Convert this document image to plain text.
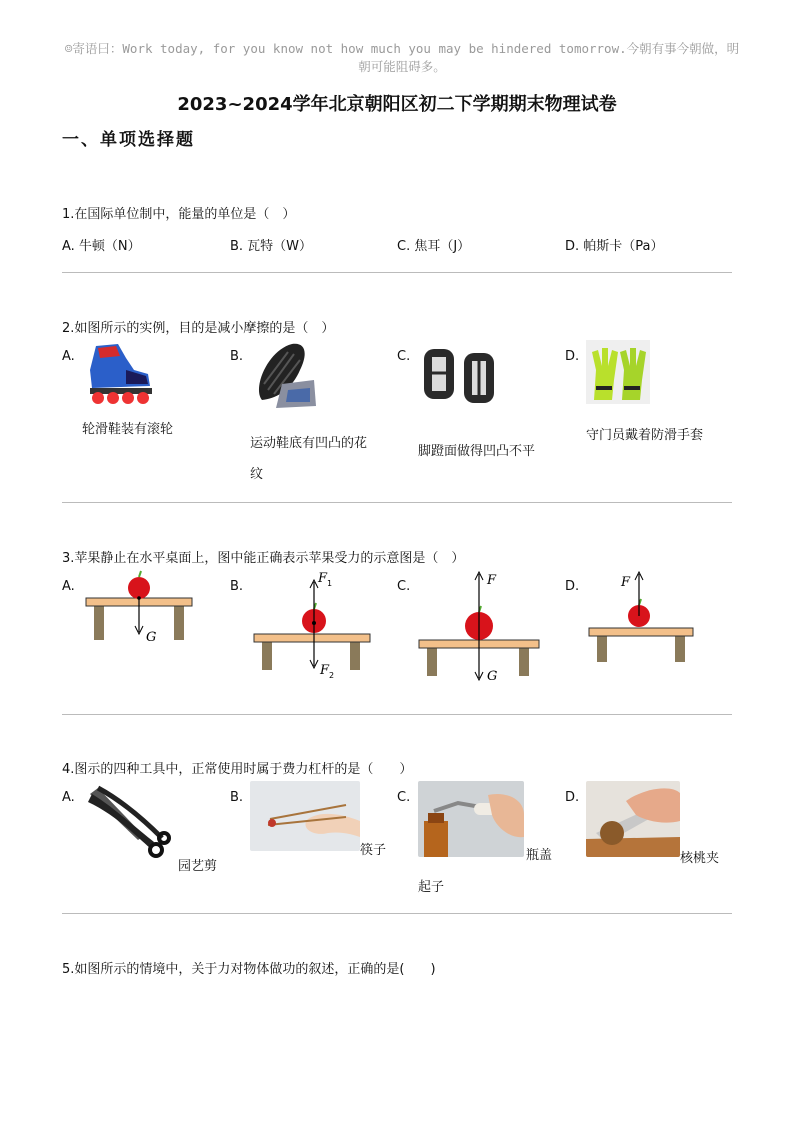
☺寄语曰：Work today, for you know not how much you may be hindered tomorrow.今朝有事今朝做，明
朝可能阻碍多。
2023~2024学年北京朝阳区初二下学期期末物理试卷
一、单项选择题
1.在国际单位制中，能量的单位是（　）
A. 牛顿（N）	B. 瓦特（W）	C. 焦耳（J）	D. 帕斯卡（Pa）
2.如图所示的实例，目的是减小摩擦的是（　）
A.	B.	C.	D.
轮滑鞋装有滚轮
运动鞋底有凹凸的花
纹
脚蹬面做得凹凸不平
守门员戴着防滑手套
3.苹果静止在水平桌面上，图中能正确表示苹果受力的示意图是（　）
A.	B.	C.	D.
G
F 1
F 2
F
G
F
4.图示的四种工具中，正常使用时属于费力杠杆的是（　　）
A.	B.	C.	D.
园艺剪
筷子	瓶盖
起子
核桃夹
5.如图所示的情境中，关于力对物体做功的叙述，正确的是(　　)
